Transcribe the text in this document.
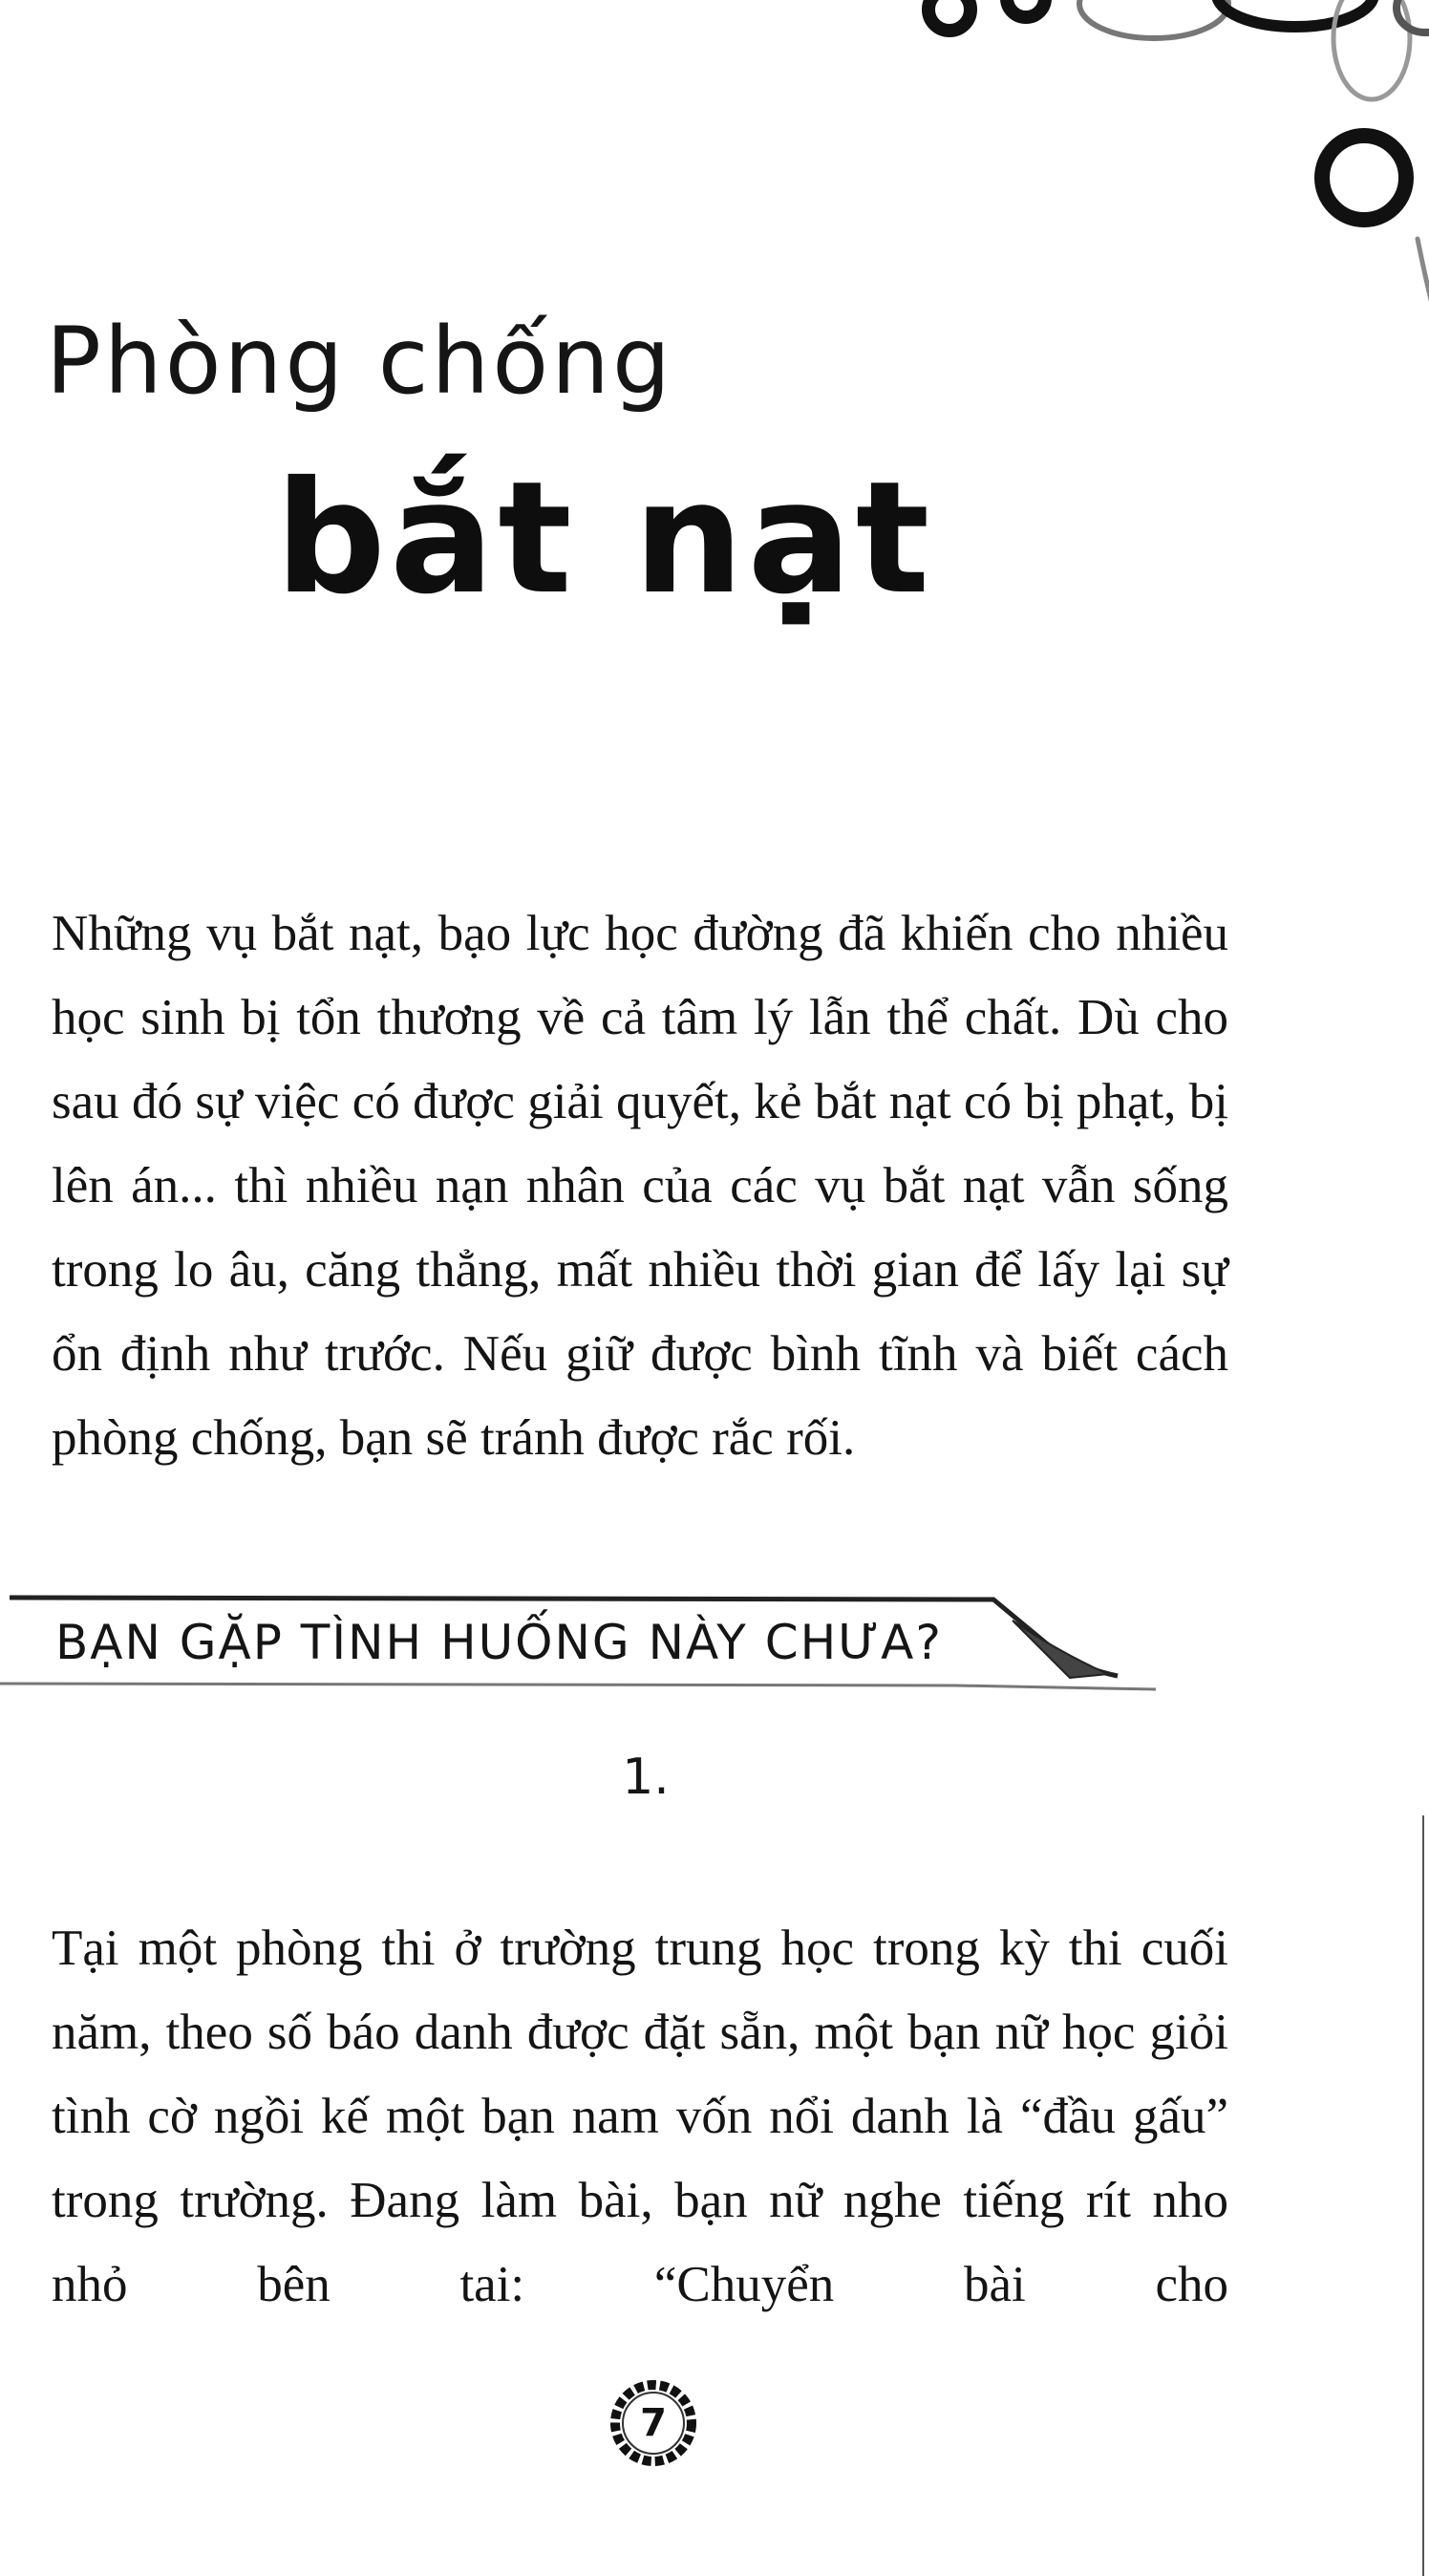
Phòng chống
bắt nạt

Những vụ bắt nạt, bạo lực học đường đã khiến cho nhiều học sinh bị tổn thương về cả tâm lý lẫn thể chất. Dù cho sau đó sự việc có được giải quyết, kẻ bắt nạt có bị phạt, bị lên án... thì nhiều nạn nhân của các vụ bắt nạt vẫn sống trong lo âu, căng thẳng, mất nhiều thời gian để lấy lại sự ổn định như trước. Nếu giữ được bình tĩnh và biết cách phòng chống, bạn sẽ tránh được rắc rối.

BẠN GẶP TÌNH HUỐNG NÀY CHƯA?
1.

Tại một phòng thi ở trường trung học trong kỳ thi cuối năm, theo số báo danh được đặt sẵn, một bạn nữ học giỏi tình cờ ngồi kế một bạn nam vốn nổi danh là “đầu gấu” trong trường. Đang làm bài, bạn nữ nghe tiếng rít nho nhỏ bên tai: “Chuyển bài cho

7
